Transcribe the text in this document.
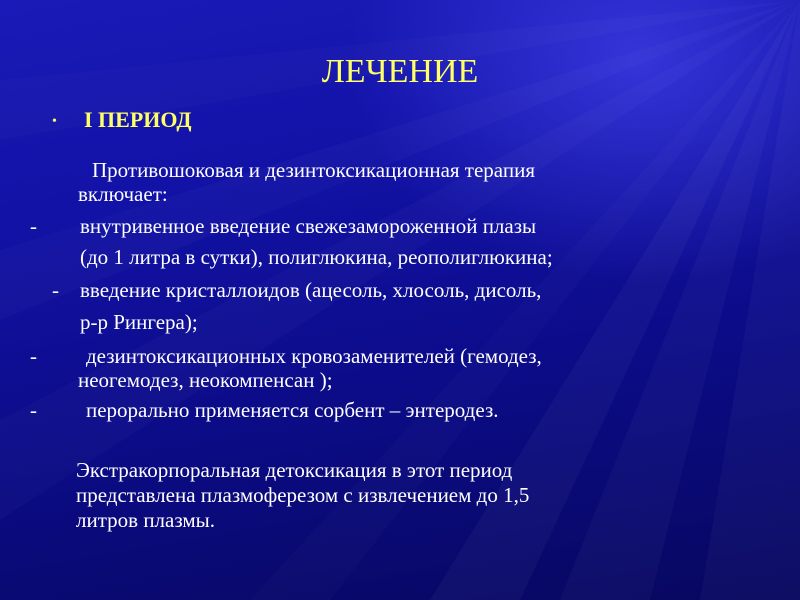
ЛЕЧЕНИЕ
• I ПЕРИОД
Противошоковая и дезинтоксикационная терапия
включает:
- внутривенное введение свежезамороженной плазы
(до 1 литра в сутки), полиглюкина, реополиглюкина;
- введение кристаллоидов (ацесоль, хлосоль, дисоль,
р-р Рингера);
- дезинтоксикационных кровозаменителей (гемодез,
неогемодез, неокомпенсан );
- перорально применяется сорбент – энтеродез.
Экстракорпоральная детоксикация в этот период
представлена плазмоферезом с извлечением до 1,5
литров плазмы.
